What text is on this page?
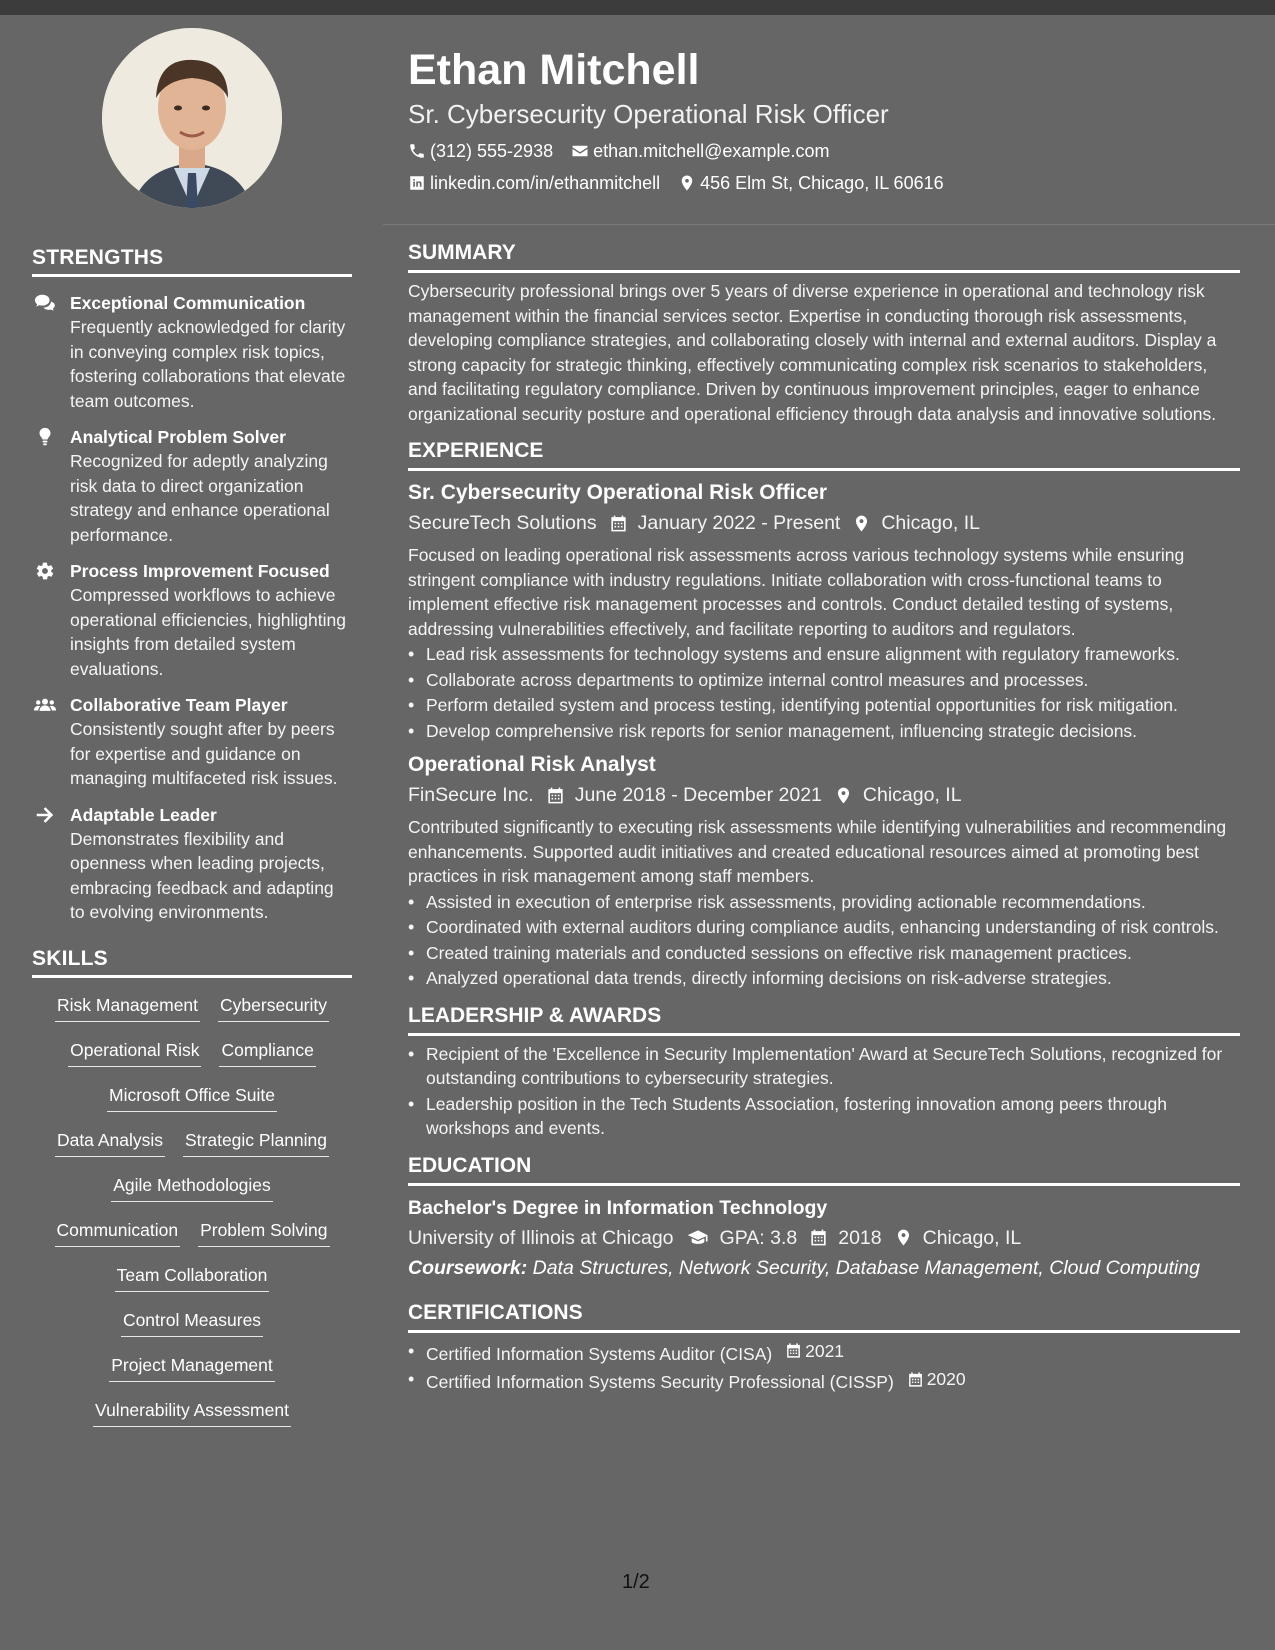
STRENGTHS
Exceptional Communication
Frequently acknowledged for clarity in conveying complex risk topics, fostering collaborations that elevate team outcomes.
Analytical Problem Solver
Recognized for adeptly analyzing risk data to direct organization strategy and enhance operational performance.
Process Improvement Focused
Compressed workflows to achieve operational efficiencies, highlighting insights from detailed system evaluations.
Collaborative Team Player
Consistently sought after by peers for expertise and guidance on managing multifaceted risk issues.
Adaptable Leader
Demonstrates flexibility and openness when leading projects, embracing feedback and adapting to evolving environments.
SKILLS
Risk Management Cybersecurity
Operational Risk Compliance
Microsoft Office Suite
Data Analysis Strategic Planning
Agile Methodologies
Communication Problem Solving
Team Collaboration
Control Measures
Project Management
Vulnerability Assessment
Ethan Mitchell
Sr. Cybersecurity Operational Risk Officer
(312) 555-2938 ethan.mitchell@example.com
linkedin.com/in/ethanmitchell 456 Elm St, Chicago, IL 60616
SUMMARY
Cybersecurity professional brings over 5 years of diverse experience in operational and technology risk management within the financial services sector. Expertise in conducting thorough risk assessments, developing compliance strategies, and collaborating closely with internal and external auditors. Display a strong capacity for strategic thinking, effectively communicating complex risk scenarios to stakeholders, and facilitating regulatory compliance. Driven by continuous improvement principles, eager to enhance organizational security posture and operational efficiency through data analysis and innovative solutions.
EXPERIENCE
Sr. Cybersecurity Operational Risk Officer
SecureTech Solutions January 2022 - Present Chicago, IL
Focused on leading operational risk assessments across various technology systems while ensuring stringent compliance with industry regulations. Initiate collaboration with cross-functional teams to implement effective risk management processes and controls. Conduct detailed testing of systems, addressing vulnerabilities effectively, and facilitate reporting to auditors and regulators.
• Lead risk assessments for technology systems and ensure alignment with regulatory frameworks.
• Collaborate across departments to optimize internal control measures and processes.
• Perform detailed system and process testing, identifying potential opportunities for risk mitigation.
• Develop comprehensive risk reports for senior management, influencing strategic decisions.
Operational Risk Analyst
FinSecure Inc. June 2018 - December 2021 Chicago, IL
Contributed significantly to executing risk assessments while identifying vulnerabilities and recommending enhancements. Supported audit initiatives and created educational resources aimed at promoting best practices in risk management among staff members.
• Assisted in execution of enterprise risk assessments, providing actionable recommendations.
• Coordinated with external auditors during compliance audits, enhancing understanding of risk controls.
• Created training materials and conducted sessions on effective risk management practices.
• Analyzed operational data trends, directly informing decisions on risk-adverse strategies.
LEADERSHIP & AWARDS
• Recipient of the 'Excellence in Security Implementation' Award at SecureTech Solutions, recognized for outstanding contributions to cybersecurity strategies.
• Leadership position in the Tech Students Association, fostering innovation among peers through workshops and events.
EDUCATION
Bachelor's Degree in Information Technology
University of Illinois at Chicago GPA: 3.8 2018 Chicago, IL
Coursework: Data Structures, Network Security, Database Management, Cloud Computing
CERTIFICATIONS
• Certified Information Systems Auditor (CISA) 2021
• Certified Information Systems Security Professional (CISSP) 2020
1/2
